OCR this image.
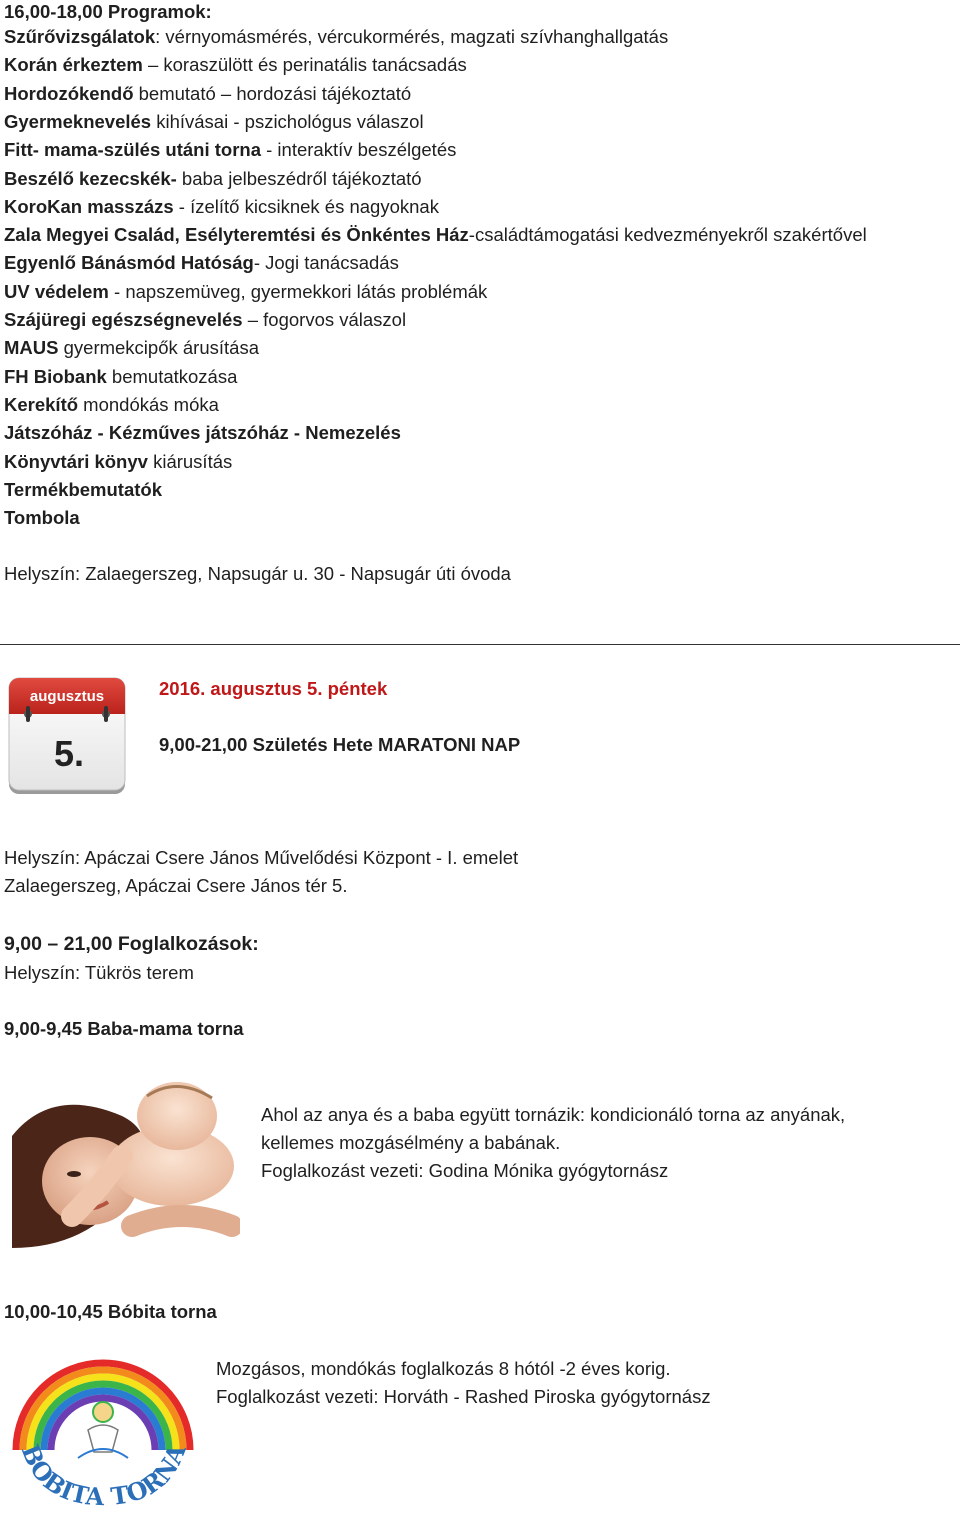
16,00-18,00 Programok:
Szűrővizsgálatok: vérnyomásmérés, vércukormérés, magzati szívhanghallgatás
Korán érkeztem – koraszülött és perinatális tanácsadás
Hordozókendő bemutató – hordozási tájékoztató
Gyermeknevelés kihívásai - pszichológus válaszol
Fitt- mama-szülés utáni torna - interaktív beszélgetés
Beszélő kezecskék- baba jelbeszédről tájékoztató
KoroKan masszázs - ízelítő kicsiknek és nagyoknak
Zala Megyei Család, Esélyteremtési és Önkéntes Ház-családtámogatási kedvezményekről szakértővel
Egyenlő Bánásmód Hatóság- Jogi tanácsadás
UV védelem - napszemüveg, gyermekkori látás problémák
Szájüregi egészségnevelés – fogorvos válaszol
MAUS gyermekcipők árusítása
FH Biobank bemutatkozása
Kerekítő mondókás móka
Játszóház - Kézműves játszóház - Nemezelés
Könyvtári könyv kiárusítás
Termékbemutatók
Tombola
Helyszín: Zalaegerszeg, Napsugár u. 30 - Napsugár úti óvoda
augusztus
5.
2016. augusztus 5. péntek
9,00-21,00 Születés Hete MARATONI NAP
Helyszín: Apáczai Csere János Művelődési Központ - I. emelet
Zalaegerszeg, Apáczai Csere János tér 5.
9,00 – 21,00 Foglalkozások:
Helyszín: Tükrös terem
9,00-9,45 Baba-mama torna
Ahol az anya és a baba együtt tornázik: kondicionáló torna az anyának,
kellemes mozgásélmény a babának.
Foglalkozást vezeti: Godina Mónika gyógytornász
10,00-10,45 Bóbita torna
BOBITA TORNA
Mozgásos, mondókás foglalkozás 8 hótól -2 éves korig.
Foglalkozást vezeti: Horváth - Rashed Piroska gyógytornász
